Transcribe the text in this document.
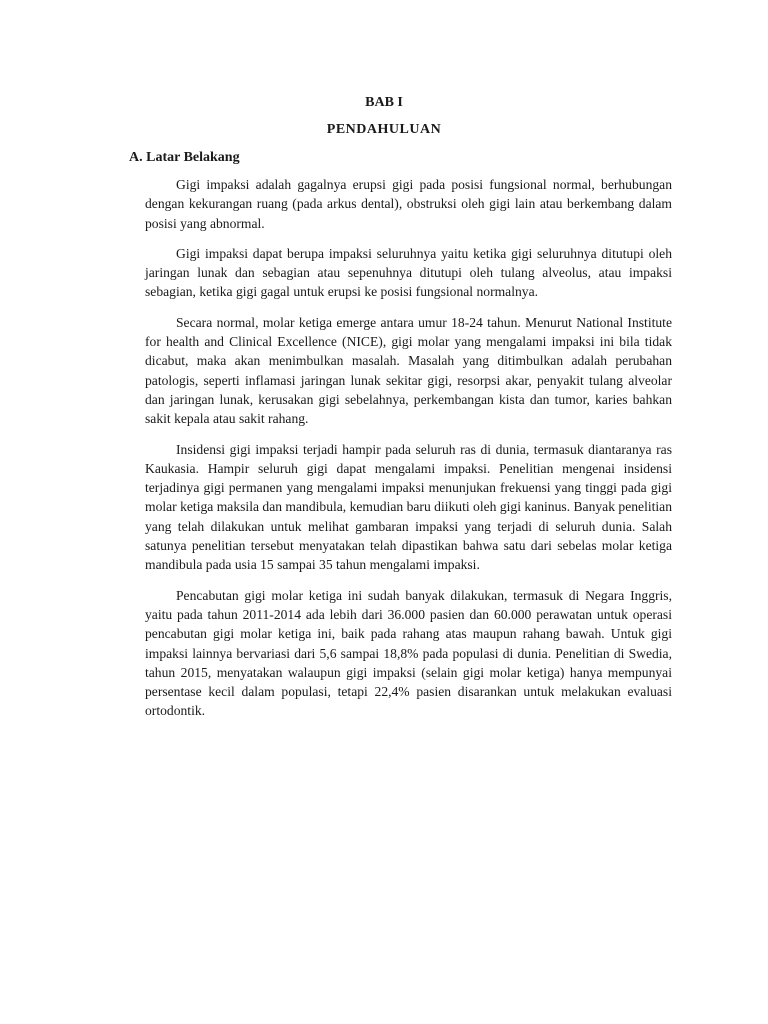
BAB I
PENDAHULUAN
A. Latar Belakang

Gigi impaksi adalah gagalnya erupsi gigi pada posisi fungsional normal, berhubungan dengan kekurangan ruang (pada arkus dental), obstruksi oleh gigi lain atau berkembang dalam posisi yang abnormal.

Gigi impaksi dapat berupa impaksi seluruhnya yaitu ketika gigi seluruhnya ditutupi oleh jaringan lunak dan sebagian atau sepenuhnya ditutupi oleh tulang alveolus, atau impaksi sebagian, ketika gigi gagal untuk erupsi ke posisi fungsional normalnya.

Secara normal, molar ketiga emerge antara umur 18-24 tahun. Menurut National Institute for health and Clinical Excellence (NICE), gigi molar yang mengalami impaksi ini bila tidak dicabut, maka akan menimbulkan masalah. Masalah yang ditimbulkan adalah perubahan patologis, seperti inflamasi jaringan lunak sekitar gigi, resorpsi akar, penyakit tulang alveolar dan jaringan lunak, kerusakan gigi sebelahnya, perkembangan kista dan tumor, karies bahkan sakit kepala atau sakit rahang.

Insidensi gigi impaksi terjadi hampir pada seluruh ras di dunia, termasuk diantaranya ras Kaukasia. Hampir seluruh gigi dapat mengalami impaksi. Penelitian mengenai insidensi terjadinya gigi permanen yang mengalami impaksi menunjukan frekuensi yang tinggi pada gigi molar ketiga maksila dan mandibula, kemudian baru diikuti oleh gigi kaninus. Banyak penelitian yang telah dilakukan untuk melihat gambaran impaksi yang terjadi di seluruh dunia. Salah satunya penelitian tersebut menyatakan telah dipastikan bahwa satu dari sebelas molar ketiga mandibula pada usia 15 sampai 35 tahun mengalami impaksi.

Pencabutan gigi molar ketiga ini sudah banyak dilakukan, termasuk di Negara Inggris, yaitu pada tahun 2011-2014 ada lebih dari 36.000 pasien dan 60.000 perawatan untuk operasi pencabutan gigi molar ketiga ini, baik pada rahang atas maupun rahang bawah. Untuk gigi impaksi lainnya bervariasi dari 5,6 sampai 18,8% pada populasi di dunia. Penelitian di Swedia, tahun 2015, menyatakan walaupun gigi impaksi (selain gigi molar ketiga) hanya mempunyai persentase kecil dalam populasi, tetapi 22,4% pasien disarankan untuk melakukan evaluasi ortodontik.
